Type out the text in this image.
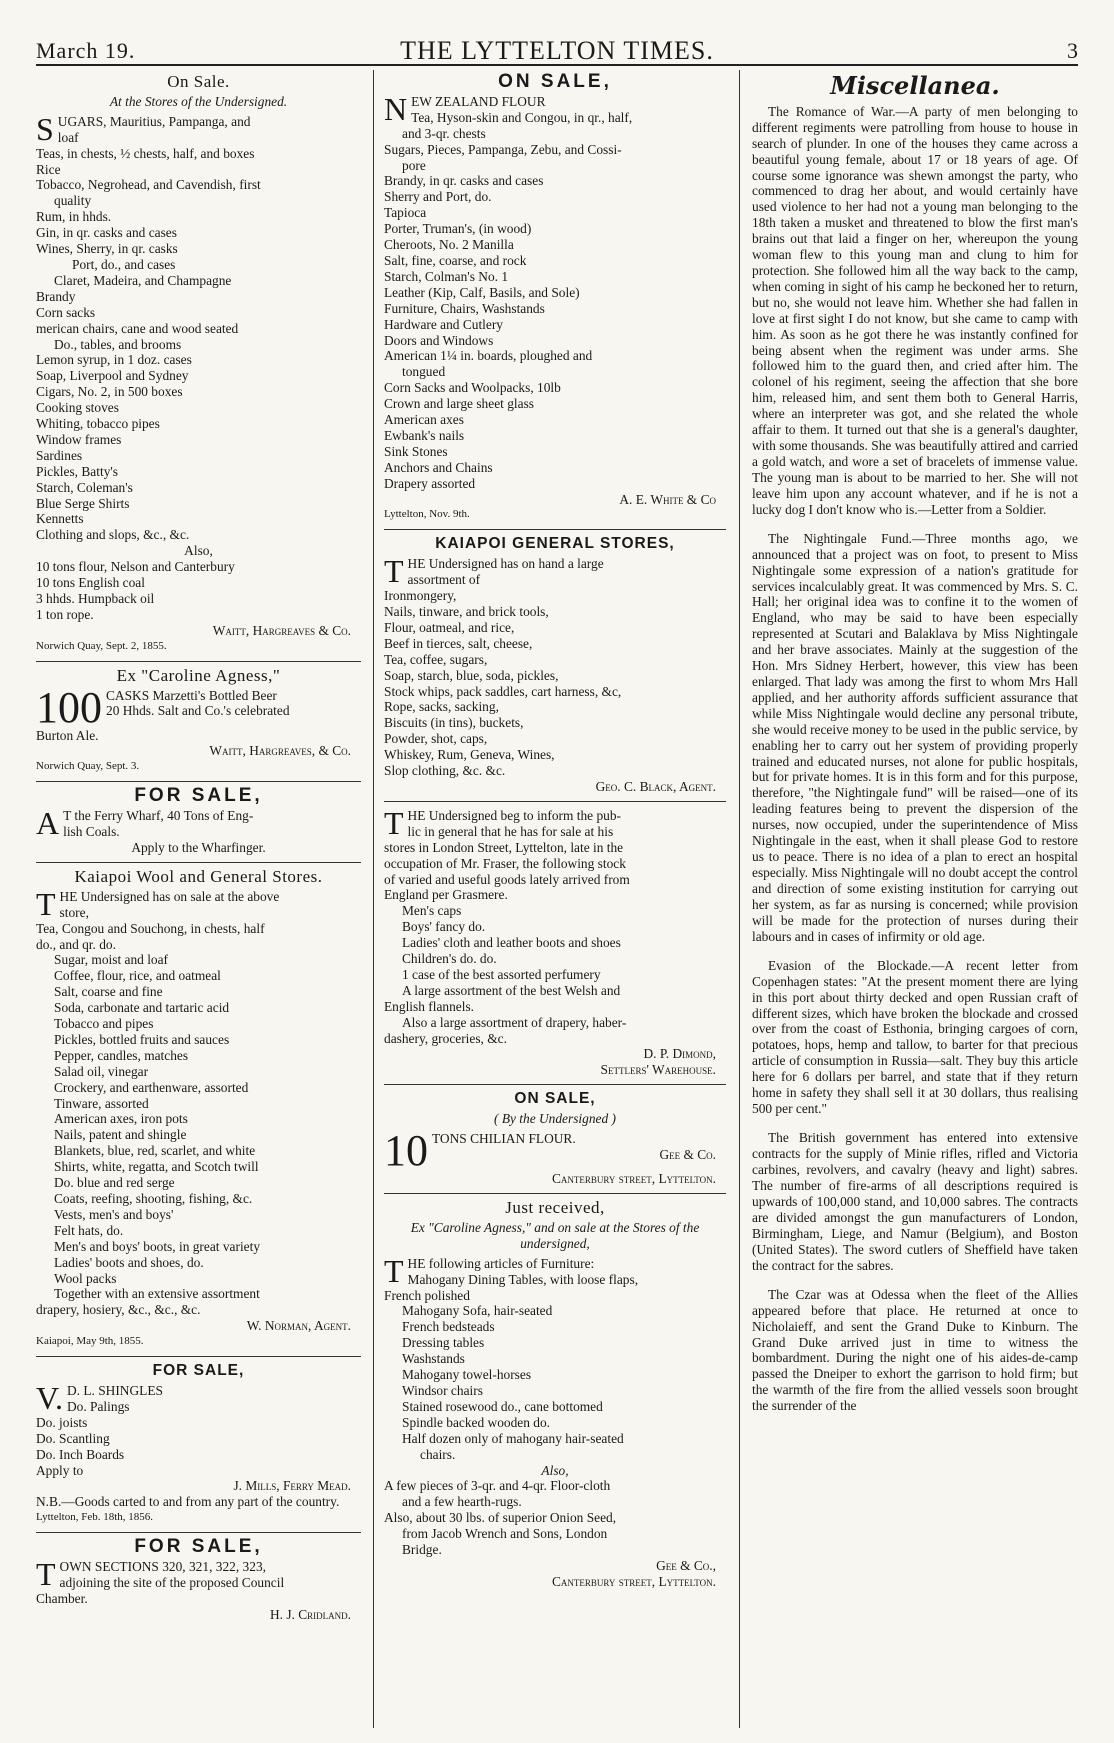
March 19.	THE LYTTELTON TIMES.	3
On Sale.
At the Stores of the Undersigned.
S UGARS, Mauritius, Pampanga, and
loaf
Teas, in chests, ½ chests, half, and boxes
Rice
Tobacco, Negrohead, and Cavendish, first
quality
Rum, in hhds.
Gin, in qr. casks and cases
Wines, Sherry, in qr. casks
Port, do., and cases
Claret, Madeira, and Champagne
Brandy
Corn sacks
merican chairs, cane and wood seated
Do., tables, and brooms
Lemon syrup, in 1 doz. cases
Soap, Liverpool and Sydney
Cigars, No. 2, in 500 boxes
Cooking stoves
Whiting, tobacco pipes
Window frames
Sardines
Pickles, Batty's
Starch, Coleman's
Blue Serge Shirts
Kennetts
Clothing and slops, &c., &c.
Also,
10 tons flour, Nelson and Canterbury
10 tons English coal
3 hhds. Humpback oil
1 ton rope.
Waitt, Hargreaves & Co.
Norwich Quay, Sept. 2, 1855.
Ex "Caroline Agness,"
100 CASKS Marzetti's Bottled Beer
20 Hhds. Salt and Co.'s celebrated
Burton Ale.
Waitt, Hargreaves, & Co.
Norwich Quay, Sept. 3.
FOR SALE,
A T the Ferry Wharf, 40 Tons of Eng-
lish Coals.
Apply to the Wharfinger.
Kaiapoi Wool and General Stores.
T HE Undersigned has on sale at the above
store,
Tea, Congou and Souchong, in chests, half
do., and qr. do.
Sugar, moist and loaf
Coffee, flour, rice, and oatmeal
Salt, coarse and fine
Soda, carbonate and tartaric acid
Tobacco and pipes
Pickles, bottled fruits and sauces
Pepper, candles, matches
Salad oil, vinegar
Crockery, and earthenware, assorted
Tinware, assorted
American axes, iron pots
Nails, patent and shingle
Blankets, blue, red, scarlet, and white
Shirts, white, regatta, and Scotch twill
Do. blue and red serge
Coats, reefing, shooting, fishing, &c.
Vests, men's and boys'
Felt hats, do.
Men's and boys' boots, in great variety
Ladies' boots and shoes, do.
Wool packs
Together with an extensive assortment
drapery, hosiery, &c., &c., &c.
W. Norman, Agent.
Kaiapoi, May 9th, 1855.
FOR SALE,
V. D. L. SHINGLES
Do. Palings
Do. joists
Do. Scantling
Do. Inch Boards
Apply to
J. Mills, Ferry Mead.
N.B.—Goods carted to and from any part of the country.
Lyttelton, Feb. 18th, 1856.
FOR SALE,
T OWN SECTIONS 320, 321, 322, 323,
adjoining the site of the proposed Council
Chamber.
H. J. Cridland.
ON SALE,
N EW ZEALAND FLOUR
Tea, Hyson-skin and Congou, in qr., half,
and 3-qr. chests
Sugars, Pieces, Pampanga, Zebu, and Cossi-
pore
Brandy, in qr. casks and cases
Sherry and Port, do.
Tapioca
Porter, Truman's, (in wood)
Cheroots, No. 2 Manilla
Salt, fine, coarse, and rock
Starch, Colman's No. 1
Leather (Kip, Calf, Basils, and Sole)
Furniture, Chairs, Washstands
Hardware and Cutlery
Doors and Windows
American 1¼ in. boards, ploughed and
tongued
Corn Sacks and Woolpacks, 10lb
Crown and large sheet glass
American axes
Ewbank's nails
Sink Stones
Anchors and Chains
Drapery assorted
A. E. White & Co
Lyttelton, Nov. 9th.
KAIAPOI GENERAL STORES,
T HE Undersigned has on hand a large
assortment of
Ironmongery,
Nails, tinware, and brick tools,
Flour, oatmeal, and rice,
Beef in tierces, salt, cheese,
Tea, coffee, sugars,
Soap, starch, blue, soda, pickles,
Stock whips, pack saddles, cart harness, &c,
Rope, sacks, sacking,
Biscuits (in tins), buckets,
Powder, shot, caps,
Whiskey, Rum, Geneva, Wines,
Slop clothing, &c. &c.
Geo. C. Black, Agent.
T HE Undersigned beg to inform the pub-
lic in general that he has for sale at his
stores in London Street, Lyttelton, late in the
occupation of Mr. Fraser, the following stock
of varied and useful goods lately arrived from
England per Grasmere.
Men's caps
Boys' fancy do.
Ladies' cloth and leather boots and shoes
Children's do. do.
1 case of the best assorted perfumery
A large assortment of the best Welsh and
English flannels.
Also a large assortment of drapery, haber-
dashery, groceries, &c.
D. P. Dimond,
Settlers' Warehouse.
ON SALE,
( By the Undersigned )
10 TONS CHILIAN FLOUR.
Gee & Co.
Canterbury street, Lyttelton.
Just received,
Ex "Caroline Agness," and on sale at the Stores of the undersigned,
T HE following articles of Furniture:
Mahogany Dining Tables, with loose flaps,
French polished
Mahogany Sofa, hair-seated
French bedsteads
Dressing tables
Washstands
Mahogany towel-horses
Windsor chairs
Stained rosewood do., cane bottomed
Spindle backed wooden do.
Half dozen only of mahogany hair-seated
chairs.
Also,
A few pieces of 3-qr. and 4-qr. Floor-cloth
and a few hearth-rugs.
Also, about 30 lbs. of superior Onion Seed,
from Jacob Wrench and Sons, London
Bridge.
Gee & Co.,
Canterbury street, Lyttelton.
Miscellanea.

The Romance of War.—A party of men belonging to different regiments were patrolling from house to house in search of plunder. In one of the houses they came across a beautiful young female, about 17 or 18 years of age. Of course some ignorance was shewn amongst the party, who commenced to drag her about, and would certainly have used violence to her had not a young man belonging to the 18th taken a musket and threatened to blow the first man's brains out that laid a finger on her, whereupon the young woman flew to this young man and clung to him for protection. She followed him all the way back to the camp, when coming in sight of his camp he beckoned her to return, but no, she would not leave him. Whether she had fallen in love at first sight I do not know, but she came to camp with him. As soon as he got there he was instantly confined for being absent when the regiment was under arms. She followed him to the guard then, and cried after him. The colonel of his regiment, seeing the affection that she bore him, released him, and sent them both to General Harris, where an interpreter was got, and she related the whole affair to them. It turned out that she is a general's daughter, with some thousands. She was beautifully attired and carried a gold watch, and wore a set of bracelets of immense value. The young man is about to be married to her. She will not leave him upon any account whatever, and if he is not a lucky dog I don't know who is.—Letter from a Soldier.

The Nightingale Fund.—Three months ago, we announced that a project was on foot, to present to Miss Nightingale some expression of a nation's gratitude for services incalculably great. It was commenced by Mrs. S. C. Hall; her original idea was to confine it to the women of England, who may be said to have been especially represented at Scutari and Balaklava by Miss Nightingale and her brave associates. Mainly at the suggestion of the Hon. Mrs Sidney Herbert, however, this view has been enlarged. That lady was among the first to whom Mrs Hall applied, and her authority affords sufficient assurance that while Miss Nightingale would decline any personal tribute, she would receive money to be used in the public service, by enabling her to carry out her system of providing properly trained and educated nurses, not alone for public hospitals, but for private homes. It is in this form and for this purpose, therefore, "the Nightingale fund" will be raised—one of its leading features being to prevent the dispersion of the nurses, now occupied, under the superintendence of Miss Nightingale in the east, when it shall please God to restore us to peace. There is no idea of a plan to erect an hospital especially. Miss Nightingale will no doubt accept the control and direction of some existing institution for carrying out her system, as far as nursing is concerned; while provision will be made for the protection of nurses during their labours and in cases of infirmity or old age.

Evasion of the Blockade.—A recent letter from Copenhagen states: "At the present moment there are lying in this port about thirty decked and open Russian craft of different sizes, which have broken the blockade and crossed over from the coast of Esthonia, bringing cargoes of corn, potatoes, hops, hemp and tallow, to barter for that precious article of consumption in Russia—salt. They buy this article here for 6 dollars per barrel, and state that if they return home in safety they shall sell it at 30 dollars, thus realising 500 per cent."

The British government has entered into extensive contracts for the supply of Minie rifles, rifled and Victoria carbines, revolvers, and cavalry (heavy and light) sabres. The number of fire-arms of all descriptions required is upwards of 100,000 stand, and 10,000 sabres. The contracts are divided amongst the gun manufacturers of London, Birmingham, Liege, and Namur (Belgium), and Boston (United States). The sword cutlers of Sheffield have taken the contract for the sabres.

The Czar was at Odessa when the fleet of the Allies appeared before that place. He returned at once to Nicholaieff, and sent the Grand Duke to Kinburn. The Grand Duke arrived just in time to witness the bombardment. During the night one of his aides-de-camp passed the Dneiper to exhort the garrison to hold firm; but the warmth of the fire from the allied vessels soon brought the surrender of the
